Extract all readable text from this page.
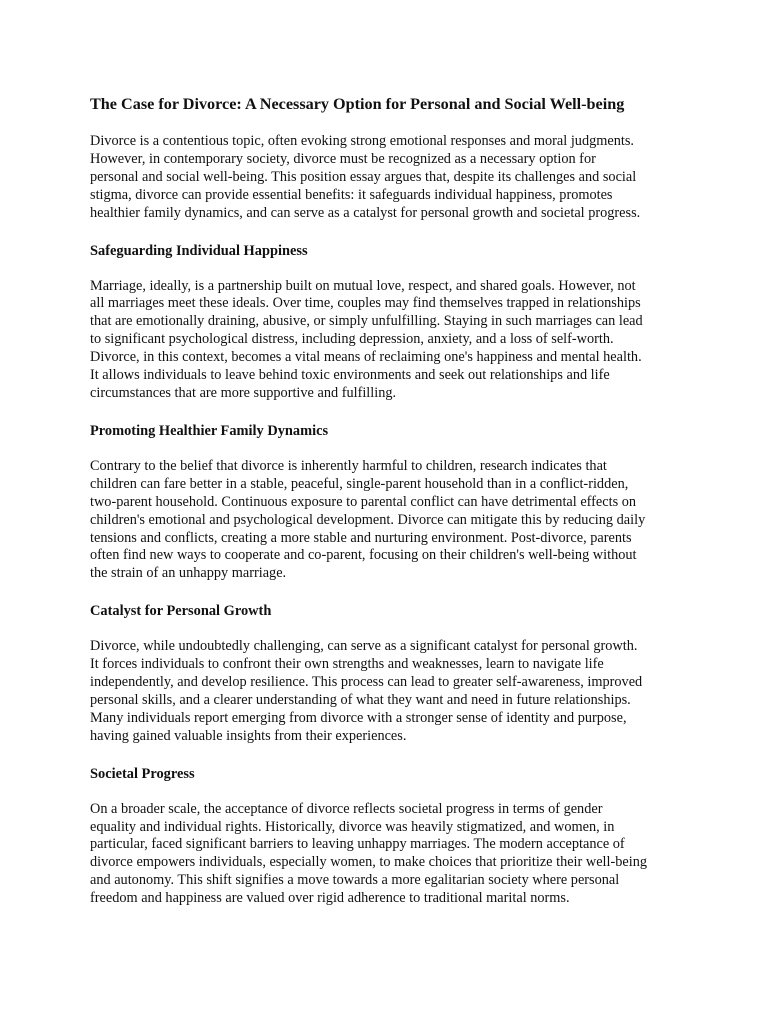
The Case for Divorce: A Necessary Option for Personal and Social Well-being

Divorce is a contentious topic, often evoking strong emotional responses and moral judgments.
However, in contemporary society, divorce must be recognized as a necessary option for
personal and social well-being. This position essay argues that, despite its challenges and social
stigma, divorce can provide essential benefits: it safeguards individual happiness, promotes
healthier family dynamics, and can serve as a catalyst for personal growth and societal progress.

Safeguarding Individual Happiness

Marriage, ideally, is a partnership built on mutual love, respect, and shared goals. However, not
all marriages meet these ideals. Over time, couples may find themselves trapped in relationships
that are emotionally draining, abusive, or simply unfulfilling. Staying in such marriages can lead
to significant psychological distress, including depression, anxiety, and a loss of self-worth.
Divorce, in this context, becomes a vital means of reclaiming one's happiness and mental health.
It allows individuals to leave behind toxic environments and seek out relationships and life
circumstances that are more supportive and fulfilling.

Promoting Healthier Family Dynamics

Contrary to the belief that divorce is inherently harmful to children, research indicates that
children can fare better in a stable, peaceful, single-parent household than in a conflict-ridden,
two-parent household. Continuous exposure to parental conflict can have detrimental effects on
children's emotional and psychological development. Divorce can mitigate this by reducing daily
tensions and conflicts, creating a more stable and nurturing environment. Post-divorce, parents
often find new ways to cooperate and co-parent, focusing on their children's well-being without
the strain of an unhappy marriage.

Catalyst for Personal Growth

Divorce, while undoubtedly challenging, can serve as a significant catalyst for personal growth.
It forces individuals to confront their own strengths and weaknesses, learn to navigate life
independently, and develop resilience. This process can lead to greater self-awareness, improved
personal skills, and a clearer understanding of what they want and need in future relationships.
Many individuals report emerging from divorce with a stronger sense of identity and purpose,
having gained valuable insights from their experiences.

Societal Progress

On a broader scale, the acceptance of divorce reflects societal progress in terms of gender
equality and individual rights. Historically, divorce was heavily stigmatized, and women, in
particular, faced significant barriers to leaving unhappy marriages. The modern acceptance of
divorce empowers individuals, especially women, to make choices that prioritize their well-being
and autonomy. This shift signifies a move towards a more egalitarian society where personal
freedom and happiness are valued over rigid adherence to traditional marital norms.
